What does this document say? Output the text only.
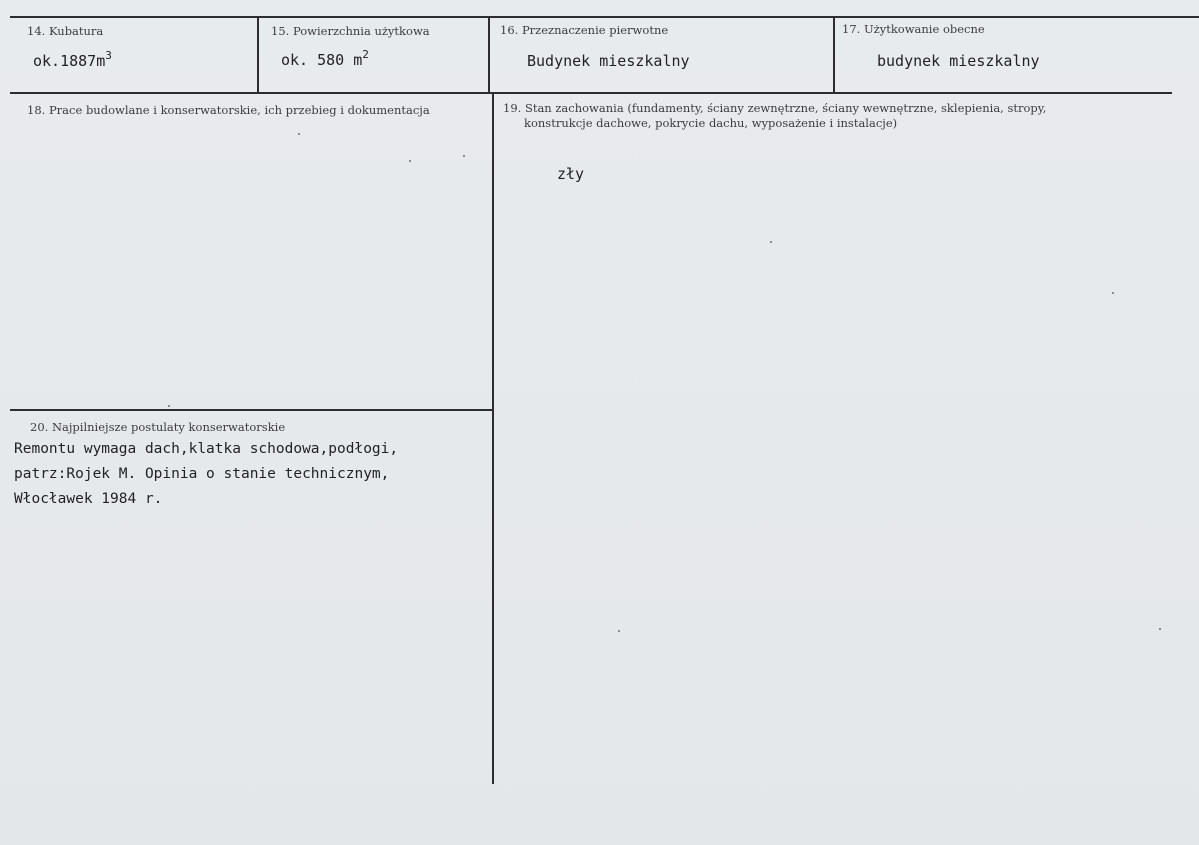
14. Kubatura
$ok.1887m^3$
15. Powierzchnia użytkowa
ok. 580 $m^2$
16. Przeznaczenie pierwotne
Budynek mieszkalny
17. Użytkowanie obecne
budynek mieszkalny
18. Prace budowlane i konserwatorskie, ich przebieg i dokumentacja	19. Stan zachowania (fundamenty, ściany zewnętrzne, ściany wewnętrzne, sklepienia, stropy,
konstrukcje dachowe, pokrycie dachu, wyposażenie i instalacje)
zły
20. Najpilniejsze postulaty konserwatorskie
Remontu wymaga dach,klatka schodowa,podłogi,
patrz:Rojek M. Opinia o stanie technicznym,
Włocławek 1984 r.
